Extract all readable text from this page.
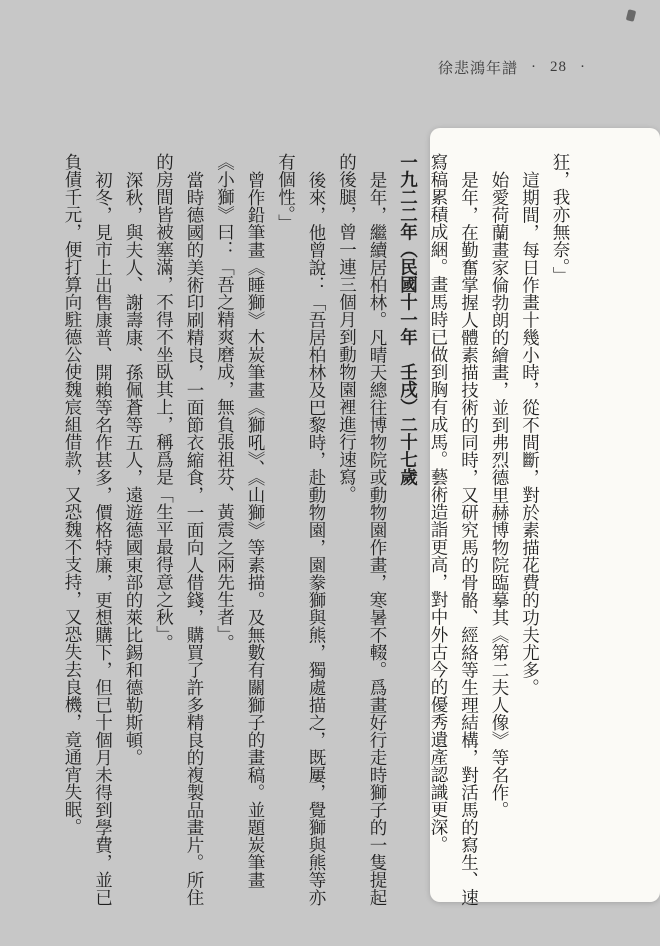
徐悲鴻年譜 · 28 ·

狂，我亦無奈。」

這期間，每日作畫十幾小時，從不間斷，對於素描花費的功夫尤多。

始愛荷蘭畫家倫勃朗的繪畫，並到弗烈德里赫博物院臨摹其《第二夫人像》等名作。

是年，在勤奮掌握人體素描技術的同時，又研究馬的骨骼、經絡等生理結構，對活馬的寫生、速寫稿累積成綑。畫馬時已做到胸有成馬。藝術造詣更高，對中外古今的優秀遺產認識更深。

一九二二年（民國十一年　壬戌）二十七歲

是年，繼續居柏林。凡晴天總往博物院或動物園作畫，寒暑不輟。爲畫好行走時獅子的一隻提起的後腿，曾一連三個月到動物園裡進行速寫。

後來，他曾說：「吾居柏林及巴黎時，赴動物園，園豢獅與熊，獨處描之，既屢，覺獅與熊等亦有個性。」

曾作鉛筆畫《睡獅》木炭筆畫《獅吼》、《山獅》等素描。及無數有關獅子的畫稿。並題炭筆畫《小獅》曰：「吾之精爽磨成，無負張祖芬、黃震之兩先生者」。

當時德國的美術印刷精良，一面節衣縮食，一面向人借錢，購買了許多精良的複製品畫片。所住的房間皆被塞滿，不得不坐臥其上，稱爲是「生平最得意之秋」。

深秋，與夫人、謝壽康、孫佩蒼等五人，遠遊德國東部的萊比錫和德勒斯頓。

初冬，見市上出售康普、開賴等名作甚多，價格特廉，更想購下，但已十個月未得到學費，並已負債千元，便打算向駐德公使魏宸組借款，又恐魏不支持，又恐失去良機，竟通宵失眠。
